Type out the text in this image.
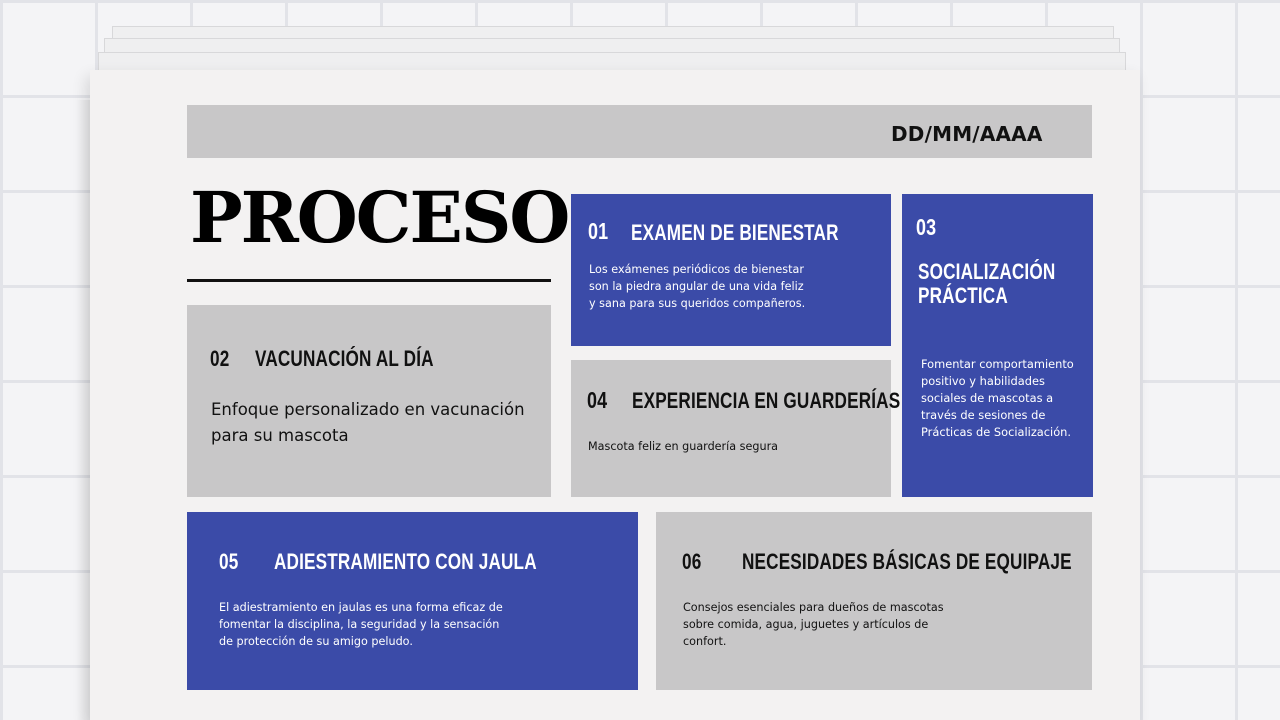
DD/MM/AAAA
PROCESO 01 EXAMEN DE BIENESTAR
Los exámenes periódicos de bienestar son la piedra angular de una vida feliz y sana para sus queridos compañeros.
03
SOCIALIZACIÓN PRÁCTICA
Fomentar comportamiento positivo y habilidades sociales de mascotas a través de sesiones de Prácticas de Socialización.
02 VACUNACIÓN AL DÍA
Enfoque personalizado en vacunación para su mascota
04 EXPERIENCIA EN GUARDERÍAS
Mascota feliz en guardería segura
05 ADIESTRAMIENTO CON JAULA
El adiestramiento en jaulas es una forma eficaz de fomentar la disciplina, la seguridad y la sensación de protección de su amigo peludo.
06 NECESIDADES BÁSICAS DE EQUIPAJE
Consejos esenciales para dueños de mascotas sobre comida, agua, juguetes y artículos de confort.
